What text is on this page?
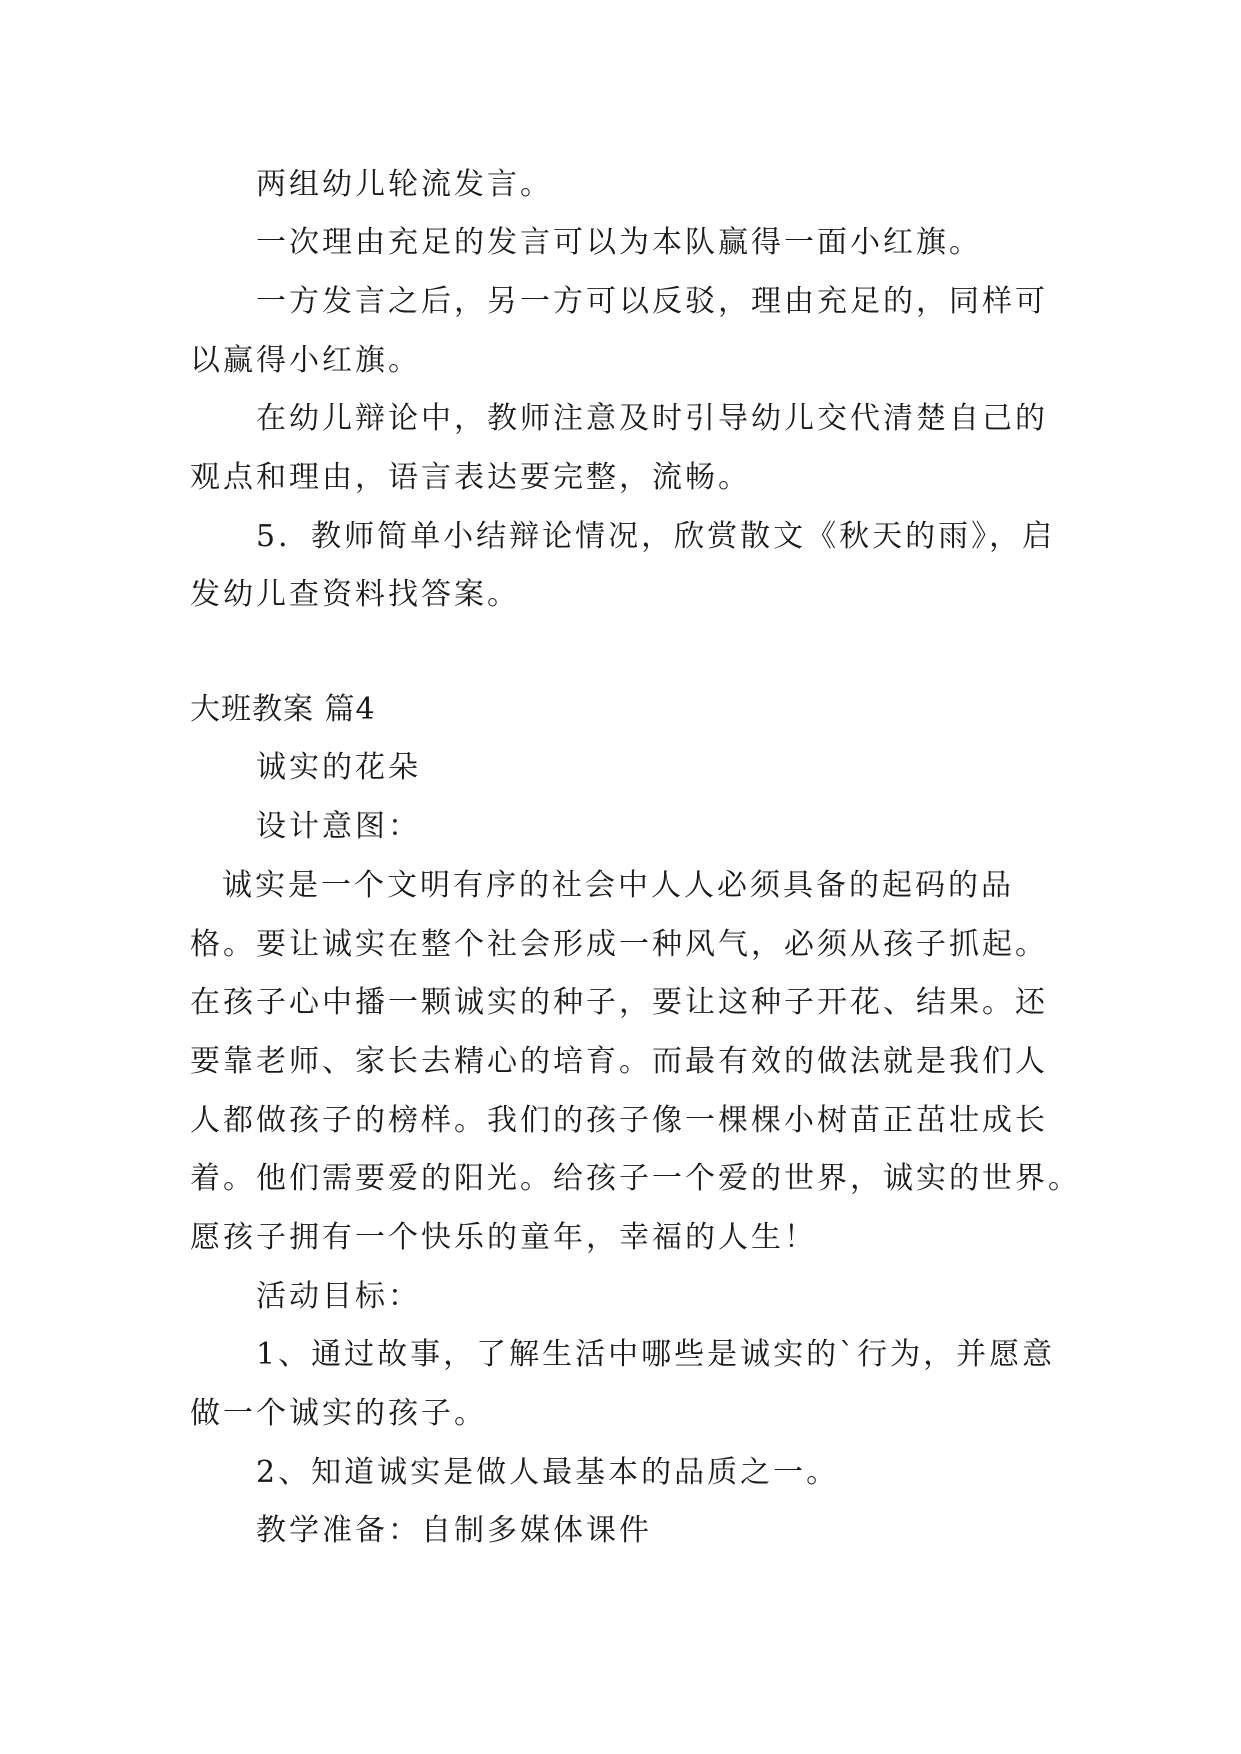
两组幼儿轮流发言。
一次理由充足的发言可以为本队赢得一面小红旗。
一方发言之后，另一方可以反驳，理由充足的，同样可
以赢得小红旗。
在幼儿辩论中，教师注意及时引导幼儿交代清楚自己的
观点和理由，语言表达要完整，流畅。
5．教师简单小结辩论情况，欣赏散文《秋天的雨》，启
发幼儿查资料找答案。
大班教案 篇4
诚实的花朵
设计意图：
诚实是一个文明有序的社会中人人必须具备的起码的品
格。要让诚实在整个社会形成一种风气，必须从孩子抓起。
在孩子心中播一颗诚实的种子，要让这种子开花、结果。还
要靠老师、家长去精心的培育。而最有效的做法就是我们人
人都做孩子的榜样。我们的孩子像一棵棵小树苗正茁壮成长
着。他们需要爱的阳光。给孩子一个爱的世界，诚实的世界。
愿孩子拥有一个快乐的童年，幸福的人生！
活动目标：
1、通过故事，了解生活中哪些是诚实的`行为，并愿意
做一个诚实的孩子。
2、知道诚实是做人最基本的品质之一。
教学准备：自制多媒体课件
